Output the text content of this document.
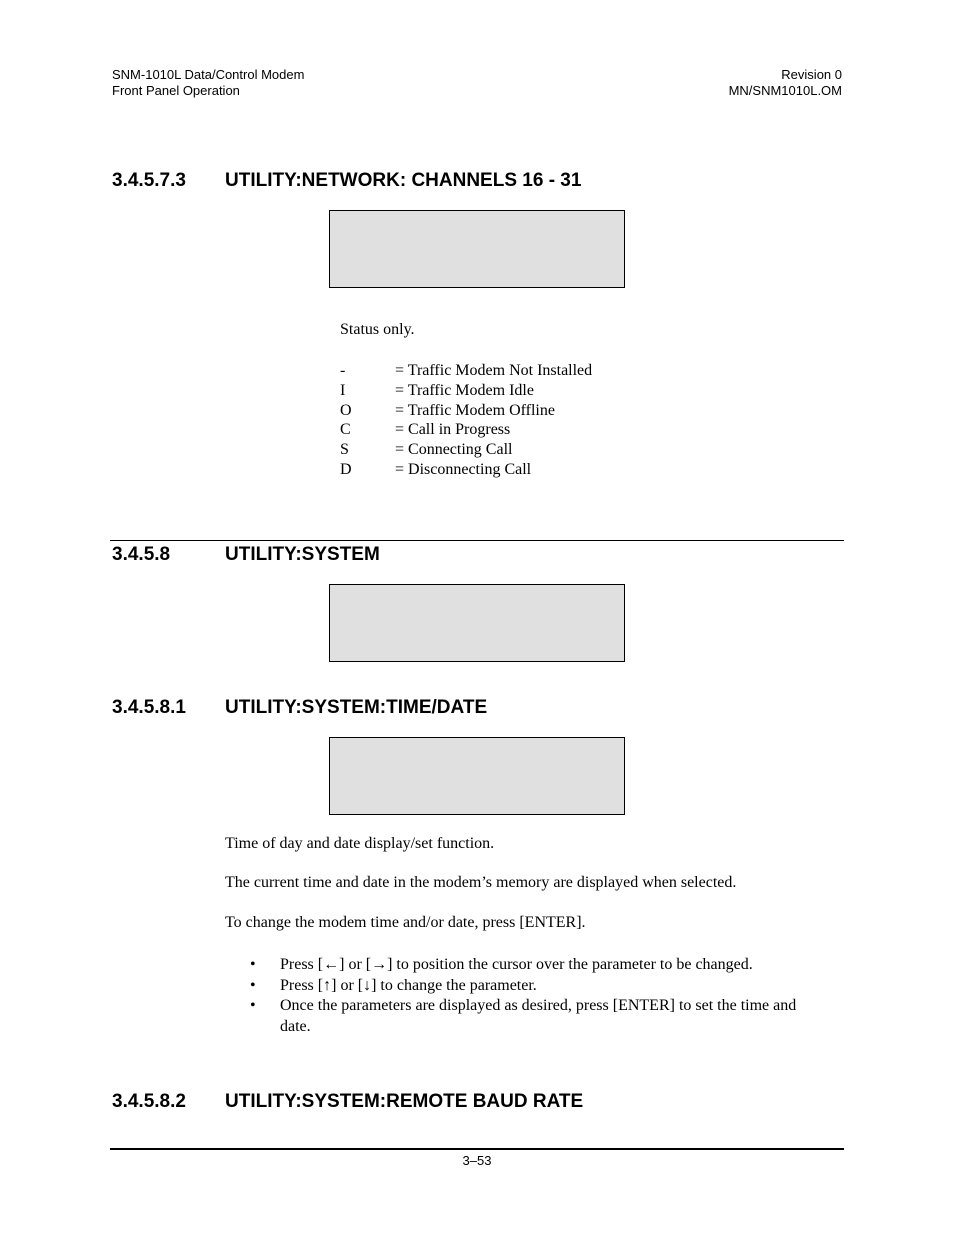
SNM-1010L Data/Control Modem
Front Panel Operation
Revision 0
MN/SNM1010L.OM
3.4.5.7.3 UTILITY:NETWORK: CHANNELS 16 - 31
Status only.
-	= Traffic Modem Not Installed
I	= Traffic Modem Idle
O	= Traffic Modem Offline
C	= Call in Progress
S	= Connecting Call
D	= Disconnecting Call
3.4.5.8	UTILITY:SYSTEM
3.4.5.8.1 UTILITY:SYSTEM:TIME/DATE
Time of day and date display/set function.
The current time and date in the modem’s memory are displayed when selected.
To change the modem time and/or date, press [ENTER].
•	Press [←] or [→] to position the cursor over the parameter to be changed.
•	Press [↑] or [↓] to change the parameter.
•	Once the parameters are displayed as desired, press [ENTER] to set the time and date.
3.4.5.8.2 UTILITY:SYSTEM:REMOTE BAUD RATE
3–53
